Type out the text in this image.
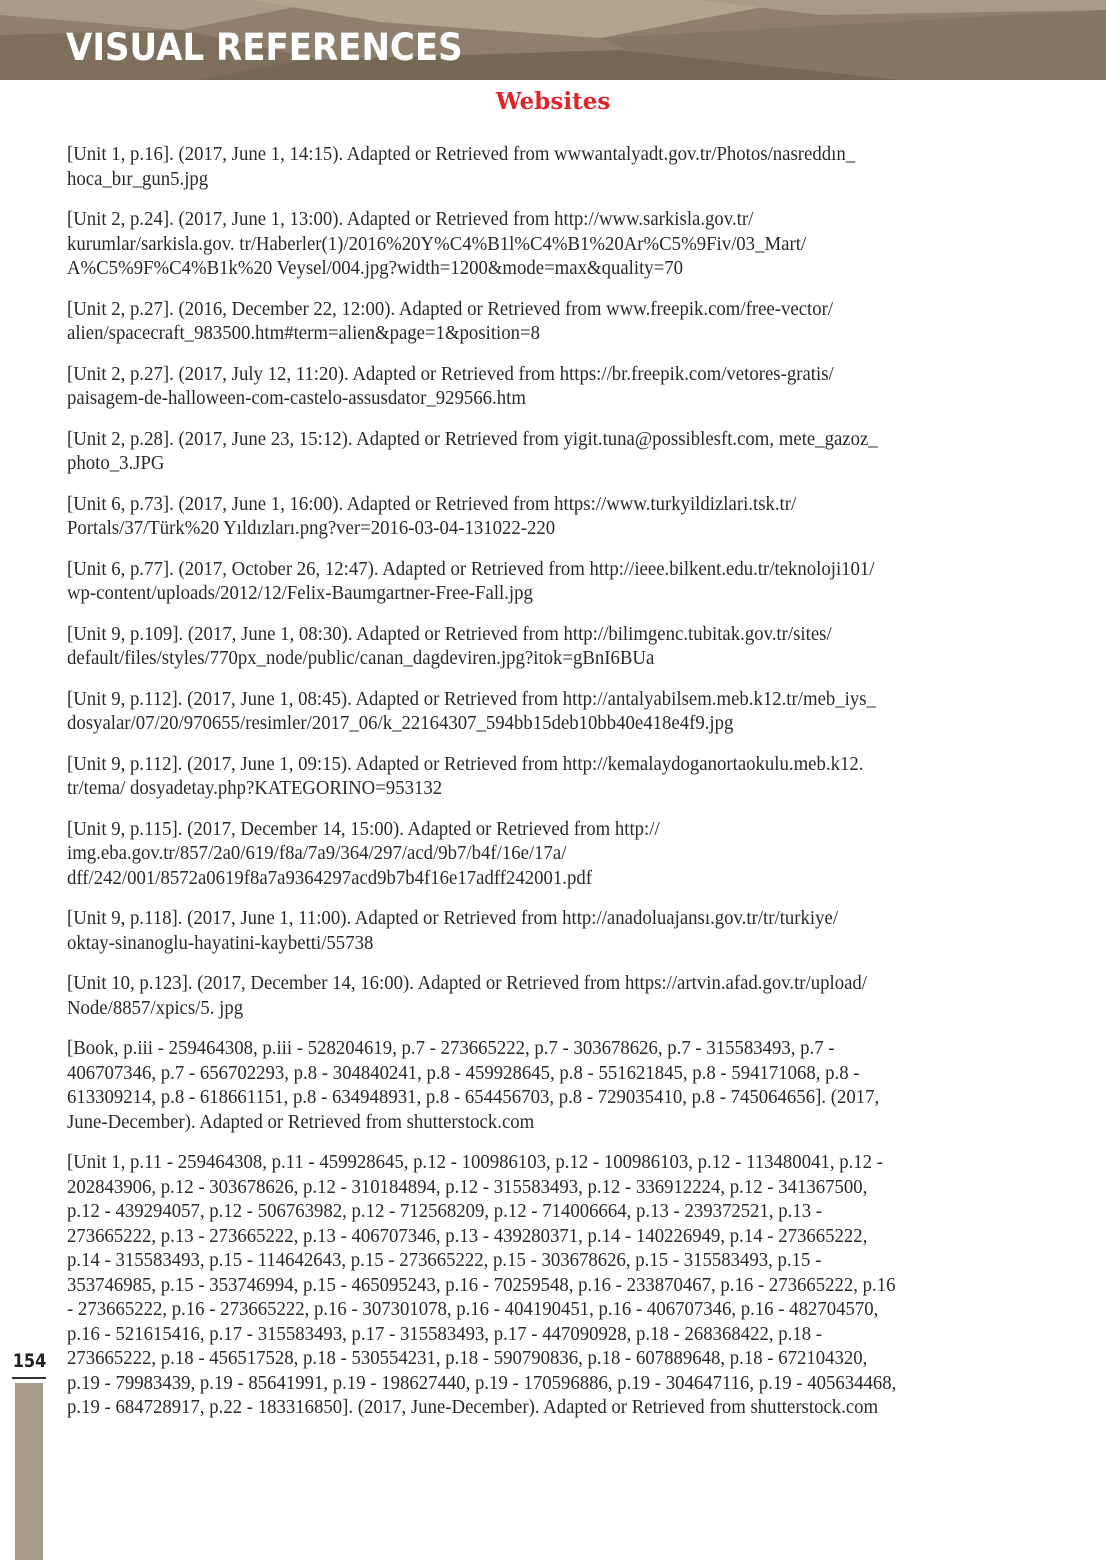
VISUAL REFERENCES
Websites
[Unit 1, p.16]. (2017, June 1, 14:15). Adapted or Retrieved from wwwantalyadt.gov.tr/Photos/nasreddın_
hoca_bır_gun5.jpg
[Unit 2, p.24]. (2017, June 1, 13:00). Adapted or Retrieved from http://www.sarkisla.gov.tr/
kurumlar/sarkisla.gov. tr/Haberler(1)/2016%20Y%C4%B1l%C4%B1%20Ar%C5%9Fiv/03_Mart/
A%C5%9F%C4%B1k%20 Veysel/004.jpg?width=1200&mode=max&quality=70
[Unit 2, p.27]. (2016, December 22, 12:00). Adapted or Retrieved from www.freepik.com/free-vector/
alien/spacecraft_983500.htm#term=alien&page=1&position=8
[Unit 2, p.27]. (2017, July 12, 11:20). Adapted or Retrieved from https://br.freepik.com/vetores-gratis/
paisagem-de-halloween-com-castelo-assusdator_929566.htm
[Unit 2, p.28]. (2017, June 23, 15:12). Adapted or Retrieved from yigit.tuna@possiblesft.com, mete_gazoz_
photo_3.JPG
[Unit 6, p.73]. (2017, June 1, 16:00). Adapted or Retrieved from https://www.turkyildizlari.tsk.tr/
Portals/37/Türk%20 Yıldızları.png?ver=2016-03-04-131022-220
[Unit 6, p.77]. (2017, October 26, 12:47). Adapted or Retrieved from http://ieee.bilkent.edu.tr/teknoloji101/
wp-content/uploads/2012/12/Felix-Baumgartner-Free-Fall.jpg
[Unit 9, p.109]. (2017, June 1, 08:30). Adapted or Retrieved from http://bilimgenc.tubitak.gov.tr/sites/
default/files/styles/770px_node/public/canan_dagdeviren.jpg?itok=gBnI6BUa
[Unit 9, p.112]. (2017, June 1, 08:45). Adapted or Retrieved from http://antalyabilsem.meb.k12.tr/meb_iys_
dosyalar/07/20/970655/resimler/2017_06/k_22164307_594bb15deb10bb40e418e4f9.jpg
[Unit 9, p.112]. (2017, June 1, 09:15). Adapted or Retrieved from http://kemalaydoganortaokulu.meb.k12.
tr/tema/ dosyadetay.php?KATEGORINO=953132
[Unit 9, p.115]. (2017, December 14, 15:00). Adapted or Retrieved from http://
img.eba.gov.tr/857/2a0/619/f8a/7a9/364/297/acd/9b7/b4f/16e/17a/
dff/242/001/8572a0619f8a7a9364297acd9b7b4f16e17adff242001.pdf
[Unit 9, p.118]. (2017, June 1, 11:00). Adapted or Retrieved from http://anadoluajansı.gov.tr/tr/turkiye/
oktay-sinanoglu-hayatini-kaybetti/55738
[Unit 10, p.123]. (2017, December 14, 16:00). Adapted or Retrieved from https://artvin.afad.gov.tr/upload/
Node/8857/xpics/5. jpg
[Book, p.iii - 259464308, p.iii - 528204619, p.7 - 273665222, p.7 - 303678626, p.7 - 315583493, p.7 -
406707346, p.7 - 656702293, p.8 - 304840241, p.8 - 459928645, p.8 - 551621845, p.8 - 594171068, p.8 -
613309214, p.8 - 618661151, p.8 - 634948931, p.8 - 654456703, p.8 - 729035410, p.8 - 745064656]. (2017,
June-December). Adapted or Retrieved from shutterstock.com
[Unit 1, p.11 - 259464308, p.11 - 459928645, p.12 - 100986103, p.12 - 100986103, p.12 - 113480041, p.12 -
202843906, p.12 - 303678626, p.12 - 310184894, p.12 - 315583493, p.12 - 336912224, p.12 - 341367500,
p.12 - 439294057, p.12 - 506763982, p.12 - 712568209, p.12 - 714006664, p.13 - 239372521, p.13 -
273665222, p.13 - 273665222, p.13 - 406707346, p.13 - 439280371, p.14 - 140226949, p.14 - 273665222,
p.14 - 315583493, p.15 - 114642643, p.15 - 273665222, p.15 - 303678626, p.15 - 315583493, p.15 -
353746985, p.15 - 353746994, p.15 - 465095243, p.16 - 70259548, p.16 - 233870467, p.16 - 273665222, p.16
- 273665222, p.16 - 273665222, p.16 - 307301078, p.16 - 404190451, p.16 - 406707346, p.16 - 482704570,
p.16 - 521615416, p.17 - 315583493, p.17 - 315583493, p.17 - 447090928, p.18 - 268368422, p.18 -
273665222, p.18 - 456517528, p.18 - 530554231, p.18 - 590790836, p.18 - 607889648, p.18 - 672104320,
p.19 - 79983439, p.19 - 85641991, p.19 - 198627440, p.19 - 170596886, p.19 - 304647116, p.19 - 405634468,
p.19 - 684728917, p.22 - 183316850]. (2017, June-December). Adapted or Retrieved from shutterstock.com
154
